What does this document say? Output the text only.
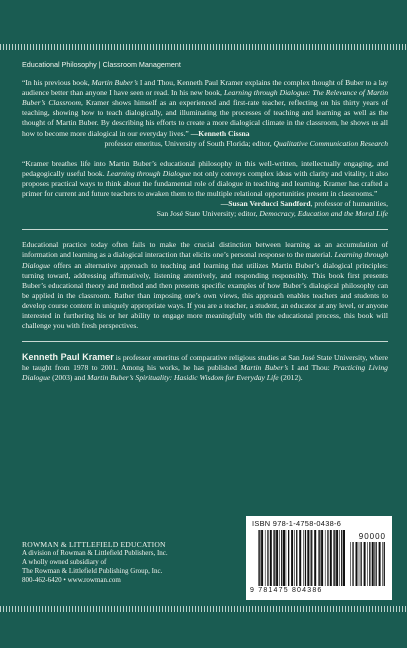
Educational Philosophy | Classroom Management

“In his previous book, Martin Buber’s I and Thou, Kenneth Paul Kramer explains the complex thought of Buber to a lay audience better than anyone I have seen or read. In his new book, Learning through Dialogue: The Relevance of Martin Buber’s Classroom, Kramer shows himself as an experienced and first-rate teacher, reflecting on his thirty years of teaching, showing how to teach dialogically, and illuminating the processes of teaching and learning as well as the thought of Martin Buber. By describing his efforts to create a more dialogical climate in the classroom, he shows us all how to become more dialogical in our everyday lives.” —Kenneth Cissna
professor emeritus, University of South Florida; editor, Qualitative Communication Research

“Kramer breathes life into Martin Buber’s educational philosophy in this well-written, intellectually engaging, and pedagogically useful book. Learning through Dialogue not only conveys complex ideas with clarity and vitality, it also proposes practical ways to think about the fundamental role of dialogue in teaching and learning. Kramer has crafted a primer for current and future teachers to awaken them to the multiple relational opportunities present in classrooms.”
—Susan Verducci Sandford, professor of humanities,
San José State University; editor, Democracy, Education and the Moral Life

Educational practice today often fails to make the crucial distinction between learning as an accumulation of information and learning as a dialogical interaction that elicits one’s personal response to the material. Learning through Dialogue offers an alternative approach to teaching and learning that utilizes Martin Buber’s dialogical principles: turning toward, addressing affirmatively, listening attentively, and responding responsibly. This book first presents Buber’s educational theory and method and then presents specific examples of how Buber’s dialogical philosophy can be applied in the classroom. Rather than imposing one’s own views, this approach enables teachers and students to develop course content in uniquely appropriate ways. If you are a teacher, a student, an educator at any level, or anyone interested in furthering his or her ability to engage more meaningfully with the educational process, this book will challenge you with fresh perspectives.

Kenneth Paul Kramer is professor emeritus of comparative religious studies at San José State University, where he taught from 1978 to 2001. Among his works, he has published Martin Buber’s I and Thou: Practicing Living Dialogue (2003) and Martin Buber’s Spirituality: Hasidic Wisdom for Everyday Life (2012).

ROWMAN & LITTLEFIELD EDUCATION
A division of Rowman & Littlefield Publishers, Inc.
A wholly owned subsidiary of
The Rowman & Littlefield Publishing Group, Inc.
800-462-6420 • www.rowman.com
ISBN 978-1-4758-0438-6
90000
9 781475 804386
